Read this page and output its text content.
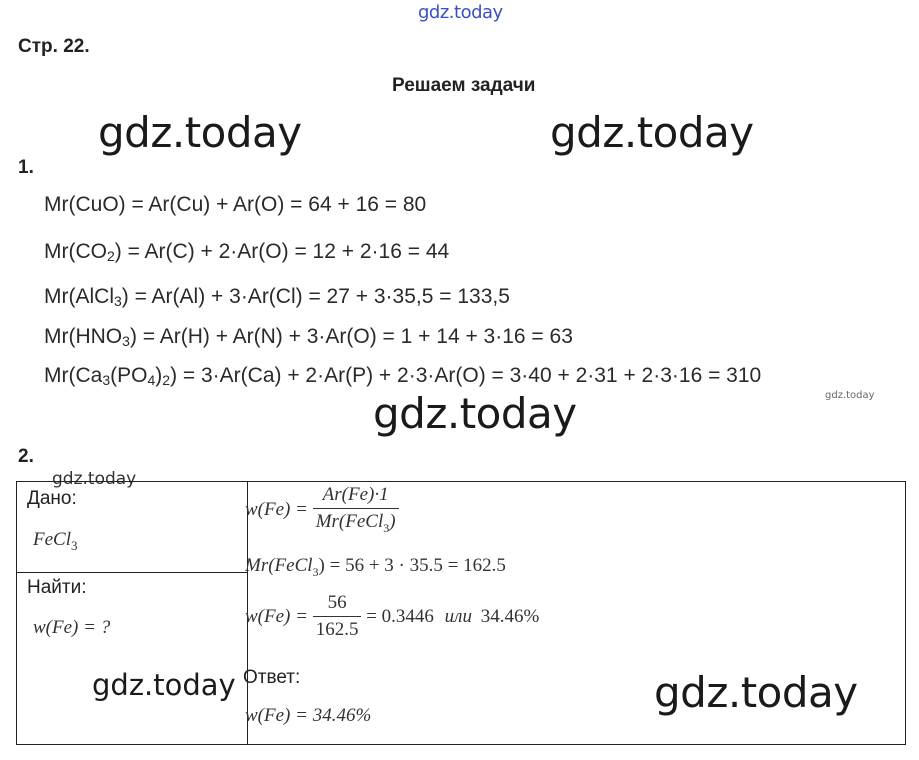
gdz.today
gdz.today	gdz.today
gdz.today	gdz.today
gdz.today
Стр. 22.
Решаем задачи
1.
Mr(CuO) = Ar(Cu) + Ar(O) = 64 + 16 = 80
$Mr(CO_2) = Ar(C) + 2\cdot Ar(O) = 12 + 2\cdot 16 = 44$
Mr(AlCl$_3$) = Ar(Al) + 3·Ar(Cl) = 27 + 3·35,5 = 133,5
$Mr(HNO_3) = Ar(H) + Ar(N) + 3\cdot Ar(O) = 1 + 14 + 3\cdot 16 = 63$
$Mr(Ca_3(PO_4)_2) = 3\cdot Ar(Ca) + 2\cdot Ar(P) + 2\cdot 3\cdot Ar(O) = 3\cdot 40 + 2\cdot 31 + 2\cdot 3\cdot 16 = 310$
2.
Дано:
FeCl$_3$
Найти:
w(Fe) = ?
$w(Fe) = \frac{Ar(Fe)\cdot 1}{Mr(FeCl_3)}$
Mr(FeCl$_3$) = 56 + 3 · 35.5 = 162.5
$w(Fe) = \frac{56}{162.5} = 0.3446$ или 34.46%
Ответ:
w(Fe) = 34.46%
gdz.today	gdz.today
